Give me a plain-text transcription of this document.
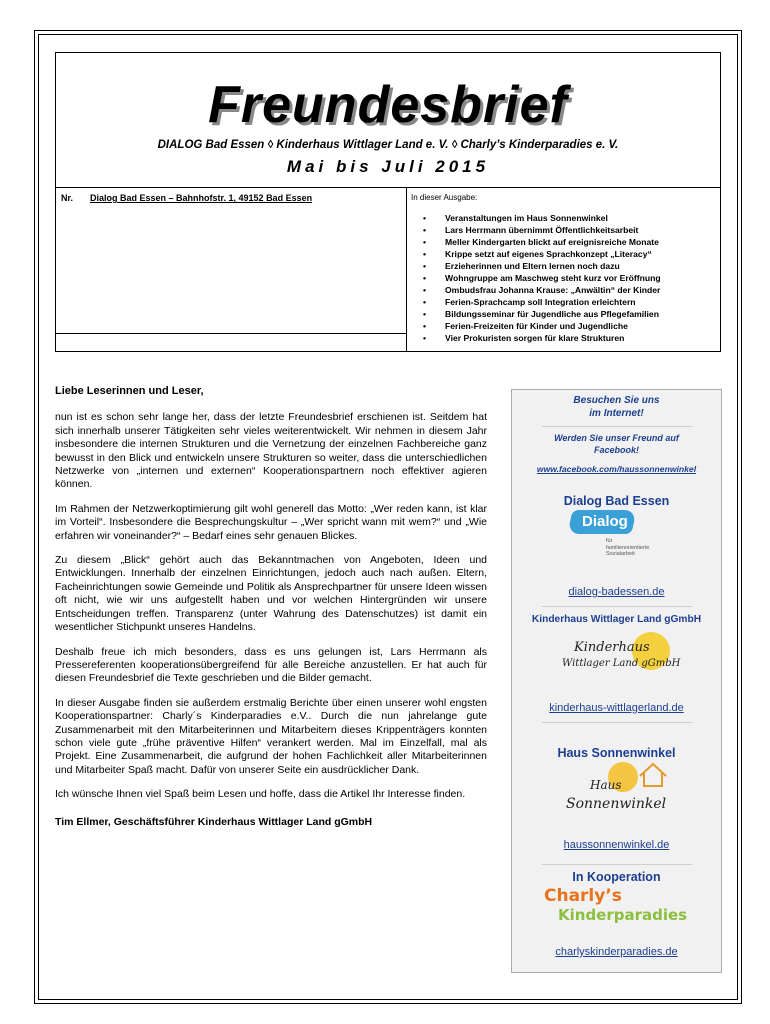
Freundesbrief
DIALOG Bad Essen ◊ Kinderhaus Wittlager Land e. V. ◊ Charly’s Kinderparadies e. V.
Mai bis Juli 2015
Nr. Dialog Bad Essen – Bahnhofstr. 1, 49152 Bad Essen	In dieser Ausgabe:
• Veranstaltungen im Haus Sonnenwinkel
• Lars Herrmann übernimmt Öffentlichkeitsarbeit
• Meller Kindergarten blickt auf ereignisreiche Monate
• Krippe setzt auf eigenes Sprachkonzept „Literacy“
• Erzieherinnen und Eltern lernen noch dazu
• Wohngruppe am Maschweg steht kurz vor Eröffnung
• Ombudsfrau Johanna Krause: „Anwältin“ der Kinder
• Ferien-Sprachcamp soll Integration erleichtern
• Bildungsseminar für Jugendliche aus Pflegefamilien
• Ferien-Freizeiten für Kinder und Jugendliche
• Vier Prokuristen sorgen für klare Strukturen

Liebe Leserinnen und Leser,

nun ist es schon sehr lange her, dass der letzte Freundesbrief erschienen ist. Seitdem hat sich innerhalb unserer Tätigkeiten sehr vieles weiterentwickelt. Wir nehmen in diesem Jahr insbesondere die internen Strukturen und die Vernetzung der einzelnen Fachbereiche ganz bewusst in den Blick und entwickeln unsere Strukturen so weiter, dass die unterschiedlichen Netzwerke von „internen und externen“ Kooperationspartnern noch effektiver agieren können.

Im Rahmen der Netzwerkoptimierung gilt wohl generell das Motto: „Wer reden kann, ist klar im Vorteil“. Insbesondere die Besprechungskultur – „Wer spricht wann mit wem?“ und „Wie erfahren wir voneinander?“ – Bedarf eines sehr genauen Blickes.

Zu diesem „Blick“ gehört auch das Bekanntmachen von Angeboten, Ideen und Entwicklungen. Innerhalb der einzelnen Einrichtungen, jedoch auch nach außen. Eltern, Facheinrichtungen sowie Gemeinde und Politik als Ansprechpartner für unsere Ideen wissen oft nicht, wie wir uns aufgestellt haben und vor welchen Hintergründen wir unsere Entscheidungen treffen. Transparenz (unter Wahrung des Datenschutzes) ist damit ein wesentlicher Stichpunkt unseres Handelns.

Deshalb freue ich mich besonders, dass es uns gelungen ist, Lars Herrmann als Pressereferenten kooperationsübergreifend für alle Bereiche anzustellen. Er hat auch für diesen Freundesbrief die Texte geschrieben und die Bilder gemacht.

In dieser Ausgabe finden sie außerdem erstmalig Berichte über einen unserer wohl engsten Kooperationspartner: Charly´s Kinderparadies e.V.. Durch die nun jahrelange gute Zusammenarbeit mit den Mitarbeiterinnen und Mitarbeitern dieses Krippenträgers konnten schon viele gute „frühe präventive Hilfen“ verankert werden. Mal im Einzelfall, mal als Projekt. Eine Zusammenarbeit, die aufgrund der hohen Fachlichkeit aller Mitarbeiterinnen und Mitarbeiter Spaß macht. Dafür von unserer Seite ein ausdrücklicher Dank.

Ich wünsche Ihnen viel Spaß beim Lesen und hoffe, dass die Artikel Ihr Interesse finden.

Tim Ellmer, Geschäftsführer Kinderhaus Wittlager Land gGmbH

Besuchen Sie uns
im Internet!
Werden Sie unser Freund auf
Facebook!
www.facebook.com/haussonnenwinkel
Dialog Bad Essen
Dialog
für
familienorientierte
Sozialarbeit
dialog-badessen.de
Kinderhaus Wittlager Land gGmbH
Kinderhaus
Wittlager Land gGmbH
kinderhaus-wittlagerland.de
Haus Sonnenwinkel
Haus
Sonnenwinkel
haussonnenwinkel.de
In Kooperation
Charly’s
Kinderparadies
charlyskinderparadies.de
